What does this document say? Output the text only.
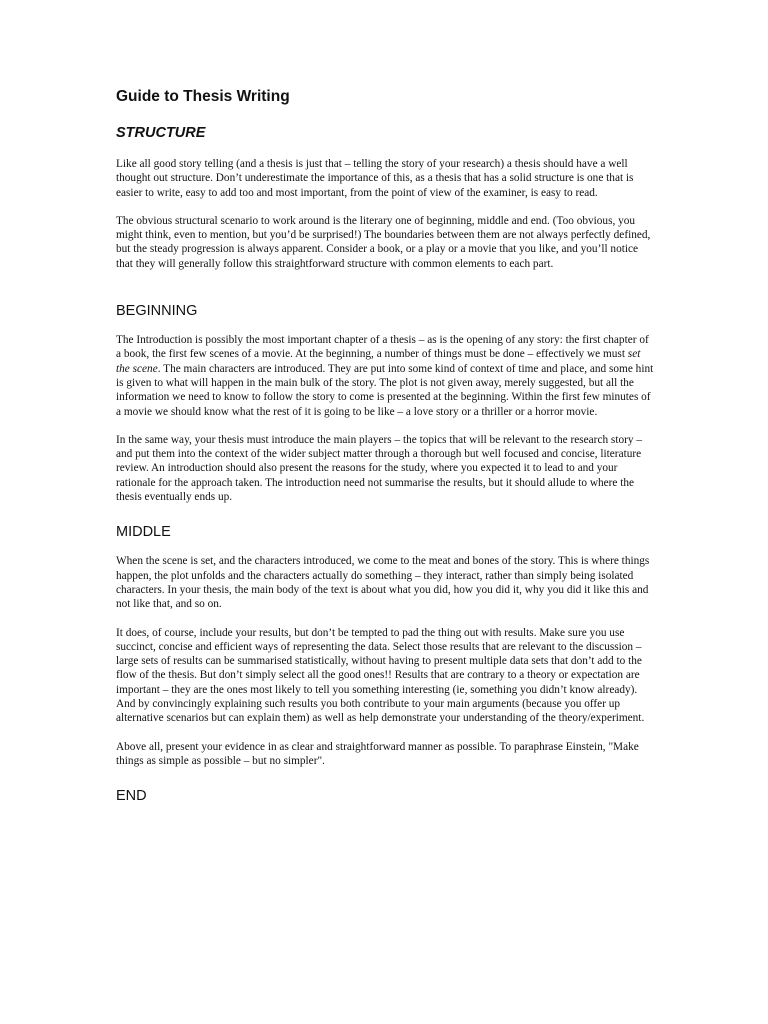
Guide to Thesis Writing
STRUCTURE

Like all good story telling (and a thesis is just that – telling the story of your research) a thesis should have a well thought out structure. Don’t underestimate the importance of this, as a thesis that has a solid structure is one that is easier to write, easy to add too and most important, from the point of view of the examiner, is easy to read.

The obvious structural scenario to work around is the literary one of beginning, middle and end. (Too obvious, you might think, even to mention, but you’d be surprised!) The boundaries between them are not always perfectly defined, but the steady progression is always apparent. Consider a book, or a play or a movie that you like, and you’ll notice that they will generally follow this straightforward structure with common elements to each part.

BEGINNING

The Introduction is possibly the most important chapter of a thesis – as is the opening of any story: the first chapter of a book, the first few scenes of a movie. At the beginning, a number of things must be done – effectively we must set the scene. The main characters are introduced. They are put into some kind of context of time and place, and some hint is given to what will happen in the main bulk of the story. The plot is not given away, merely suggested, but all the information we need to know to follow the story to come is presented at the beginning. Within the first few minutes of a movie we should know what the rest of it is going to be like – a love story or a thriller or a horror movie.

In the same way, your thesis must introduce the main players – the topics that will be relevant to the research story – and put them into the context of the wider subject matter through a thorough but well focused and concise, literature review. An introduction should also present the reasons for the study, where you expected it to lead to and your rationale for the approach taken. The introduction need not summarise the results, but it should allude to where the thesis eventually ends up.

MIDDLE

When the scene is set, and the characters introduced, we come to the meat and bones of the story. This is where things happen, the plot unfolds and the characters actually do something – they interact, rather than simply being isolated characters. In your thesis, the main body of the text is about what you did, how you did it, why you did it like this and not like that, and so on.

It does, of course, include your results, but don’t be tempted to pad the thing out with results. Make sure you use succinct, concise and efficient ways of representing the data. Select those results that are relevant to the discussion – large sets of results can be summarised statistically, without having to present multiple data sets that don’t add to the flow of the thesis. But don’t simply select all the good ones!! Results that are contrary to a theory or expectation are important – they are the ones most likely to tell you something interesting (ie, something you didn’t know already). And by convincingly explaining such results you both contribute to your main arguments (because you offer up alternative scenarios but can explain them) as well as help demonstrate your understanding of the theory/experiment.

Above all, present your evidence in as clear and straightforward manner as possible. To paraphrase Einstein, "Make things as simple as possible – but no simpler".

END
